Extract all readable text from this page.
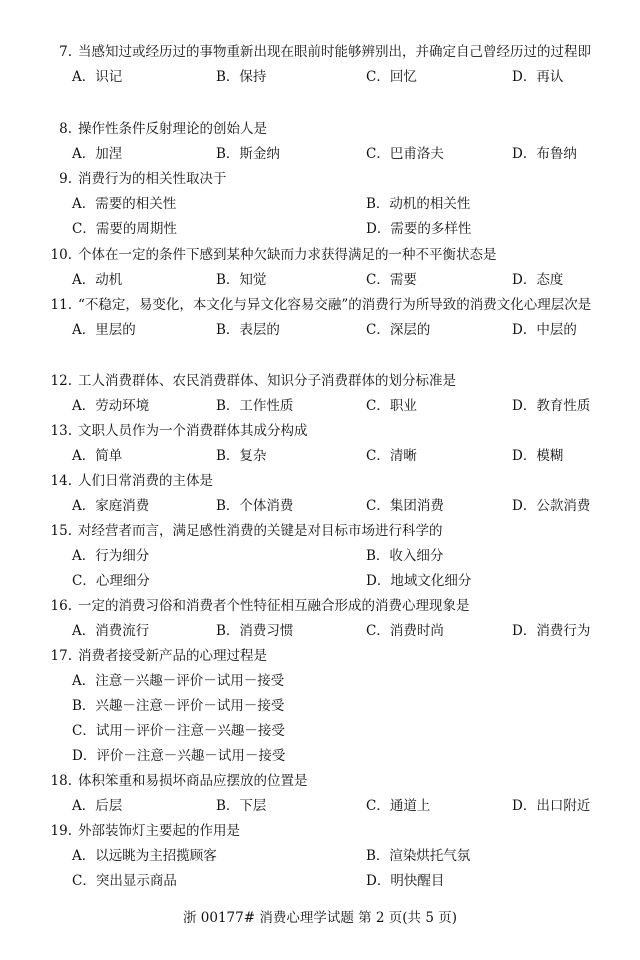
7. 当感知过或经历过的事物重新出现在眼前时能够辨别出，并确定自己曾经历过的过程即
A．识记	B．保持	C．回忆	D．再认
8. 操作性条件反射理论的创始人是
A．加涅	B．斯金纳	C．巴甫洛夫	D．布鲁纳
9. 消费行为的相关性取决于
A．需要的相关性	B．动机的相关性
C．需要的周期性	D．需要的多样性
10. 个体在一定的条件下感到某种欠缺而力求获得满足的一种不平衡状态是
A．动机	B．知觉	C．需要	D．态度
11. “不稳定，易变化，本文化与异文化容易交融”的消费行为所导致的消费文化心理层次是
A．里层的	B．表层的	C．深层的	D．中层的
12. 工人消费群体、农民消费群体、知识分子消费群体的划分标准是
A．劳动环境	B．工作性质	C．职业	D．教育性质
13. 文职人员作为一个消费群体其成分构成
A．简单	B．复杂	C．清晰	D．模糊
14. 人们日常消费的主体是
A．家庭消费	B．个体消费	C．集团消费	D．公款消费
15. 对经营者而言，满足感性消费的关键是对目标市场进行科学的
A．行为细分	B．收入细分
C．心理细分	D．地域文化细分
16. 一定的消费习俗和消费者个性特征相互融合形成的消费心理现象是
A．消费流行	B．消费习惯	C．消费时尚	D．消费行为
17. 消费者接受新产品的心理过程是
A．注意－兴趣－评价－试用－接受
B．兴趣－注意－评价－试用－接受
C．试用－评价－注意－兴趣－接受
D．评价－注意－兴趣－试用－接受
18. 体积笨重和易损坏商品应摆放的位置是
A．后层	B．下层	C．通道上	D．出口附近
19. 外部装饰灯主要起的作用是
A．以远眺为主招揽顾客	B．渲染烘托气氛
C．突出显示商品	D．明快醒目
浙 00177# 消费心理学试题 第 2 页(共 5 页)
